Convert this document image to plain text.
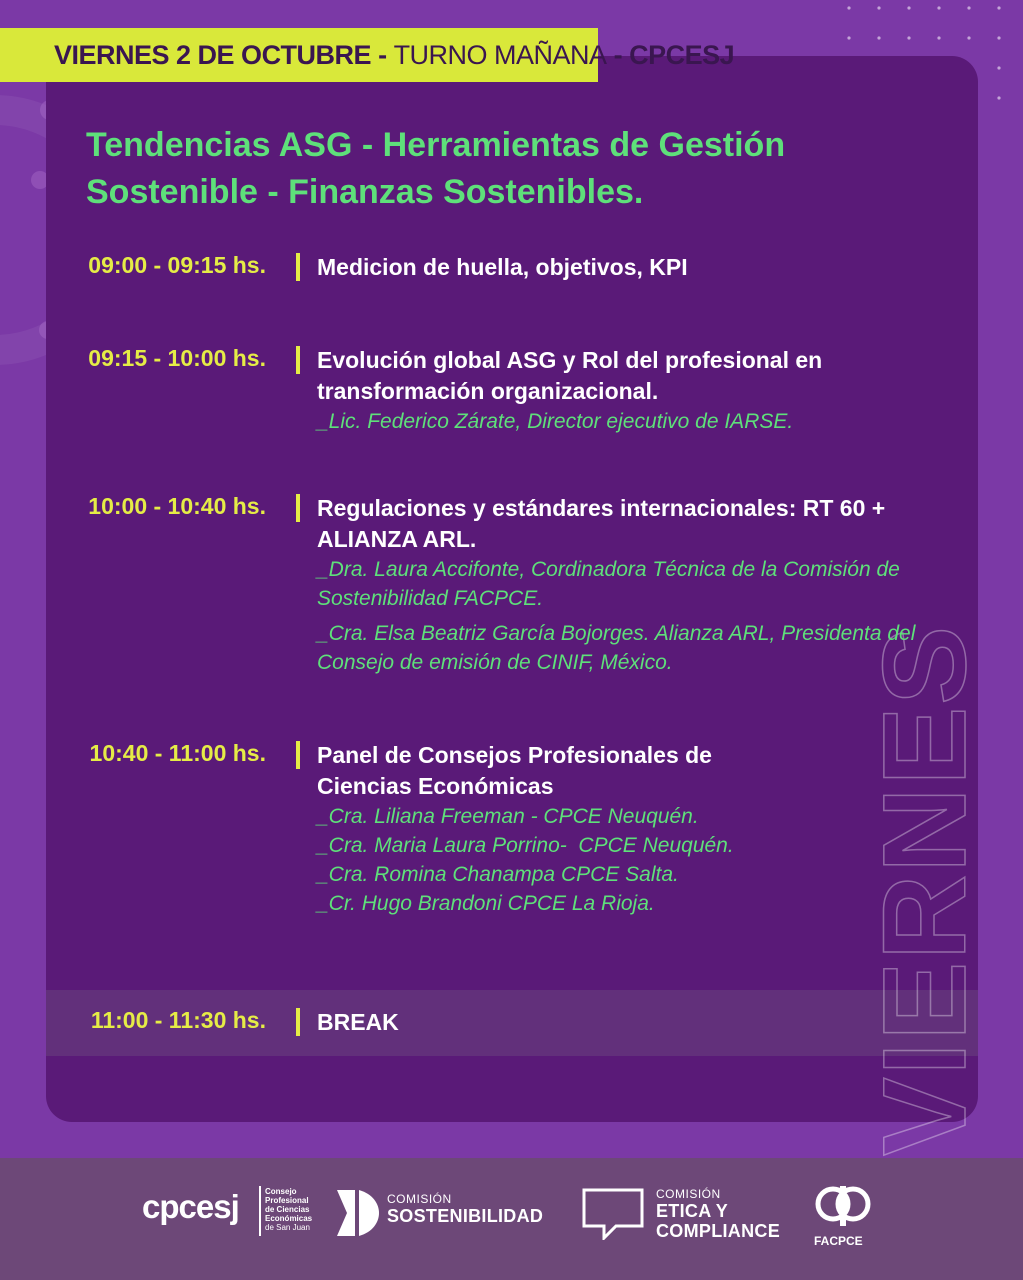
VIERNES 2 DE OCTUBRE - TURNO MAÑANA - CPCESJ
Tendencias ASG - Herramientas de Gestión Sostenible - Finanzas Sostenibles.
VIERNES
09:00 - 09:15 hs. Medicion de huella, objetivos, KPI
09:15 - 10:00 hs. Evolución global ASG y Rol del profesional en transformación organizacional.
_Lic. Federico Zárate, Director ejecutivo de IARSE.
10:00 - 10:40 hs. Regulaciones y estándares internacionales: RT 60 + ALIANZA ARL.
_Dra. Laura Accifonte, Cordinadora Técnica de la Comisión de Sostenibilidad FACPCE.
_Cra. Elsa Beatriz García Bojorges. Alianza ARL, Presidenta del Consejo de emisión de CINIF, México.
10:40 - 11:00 hs. Panel de Consejos Profesionales de Ciencias Económicas
_Cra. Liliana Freeman - CPCE Neuquén.
_Cra. Maria Laura Porrino-  CPCE Neuquén.
_Cra. Romina Chanampa CPCE Salta.
_Cr. Hugo Brandoni CPCE La Rioja.
11:00 - 11:30 hs. BREAK
cpcesj	Consejo
Profesional
de Ciencias
Económicas
de San Juan
COMISIÓN
SOSTENIBILIDAD
COMISIÓN
ETICA Y
COMPLIANCE	FACPCE
